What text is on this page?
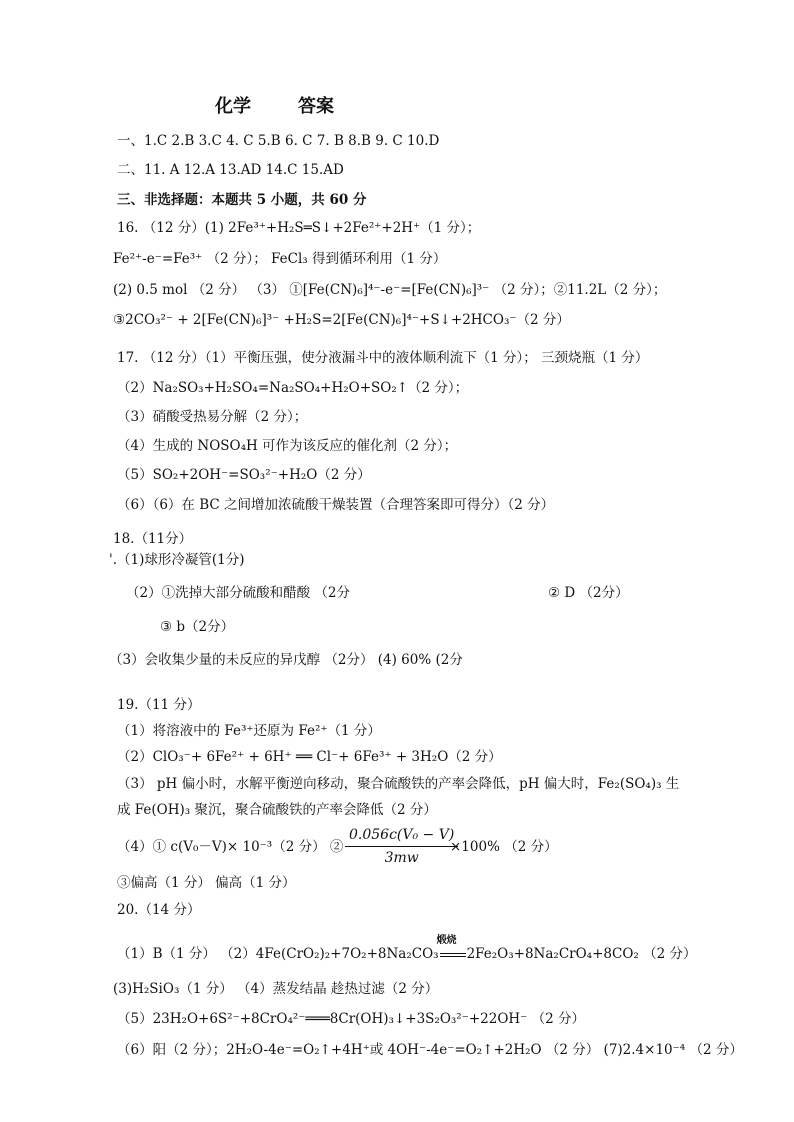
化学	答案
一、1.C 2.B 3.C 4. C 5.B 6. C 7. B 8.B 9. C 10.D
二、11. A 12.A 13.AD 14.C 15.AD
三、非选择题：本题共 5 小题，共 60 分
16. （12 分）(1) 2Fe³⁺+H₂S═S↓+2Fe²⁺+2H⁺（1 分）；
Fe²⁺-e⁻=Fe³⁺ （2 分）； FeCl₃ 得到循环利用（1 分）
(2) 0.5 mol （2 分） （3） ①[Fe(CN)₆]⁴⁻-e⁻=[Fe(CN)₆]³⁻ （2 分）；②11.2L（2 分）；
③2CO₃²⁻ + 2[Fe(CN)₆]³⁻ +H₂S=2[Fe(CN)₆]⁴⁻+S↓+2HCO₃⁻（2 分）
17. （12 分）（1）平衡压强，使分液漏斗中的液体顺利流下（1 分）； 三颈烧瓶（1 分）
（2）Na₂SO₃+H₂SO₄=Na₂SO₄+H₂O+SO₂↑（2 分）；
（3）硝酸受热易分解（2 分）；
（4）生成的 NOSO₄H 可作为该反应的催化剂（2 分）；
（5）SO₂+2OH⁻=SO₃²⁻+H₂O（2 分）
（6）（6）在 BC 之间增加浓硫酸干燥装置（合理答案即可得分）（2 分）
18.（11分）
'.（1)球形冷凝管(1分)
（2）①洗掉大部分硫酸和醋酸 （2分	② D （2分）
③ b（2分）
（3）会收集少量的未反应的异戊醇 （2分） (4) 60% (2分
19.（11 分）
（1）将溶液中的 Fe³⁺还原为 Fe²⁺（1 分）
（2）ClO₃⁻+ 6Fe²⁺ + 6H⁺ ══ Cl⁻+ 6Fe³⁺ + 3H₂O（2 分）
（3） pH 偏小时，水解平衡逆向移动，聚合硫酸铁的产率会降低，pH 偏大时，Fe₂(SO₄)₃ 生
成 Fe(OH)₃ 聚沉，聚合硫酸铁的产率会降低（2 分）
（4）① c(V₀－V)× 10⁻³（2 分） ② $\frac{\text{0.056c(V₀ − V)}}{3mw}$
×100% （2 分）
③偏高（1 分） 偏高（1 分）
20.（14 分）
（1）B（1 分） （2）4Fe(CrO₂)₂+7O₂+8Na₂CO₃
煅烧
2Fe₂O₃+8Na₂CrO₄+8CO₂ （2 分）
(3)H₂SiO₃（1 分） （4）蒸发结晶 趁热过滤（2 分）
（5）23H₂O+6S²⁻+8CrO₄²⁻═══8Cr(OH)₃↓+3S₂O₃²⁻+22OH⁻ （2 分）
（6）阳（2 分）；2H₂O-4e⁻=O₂↑+4H⁺或 4OH⁻-4e⁻=O₂↑+2H₂O （2 分） (7)2.4×10⁻⁴ （2 分）
